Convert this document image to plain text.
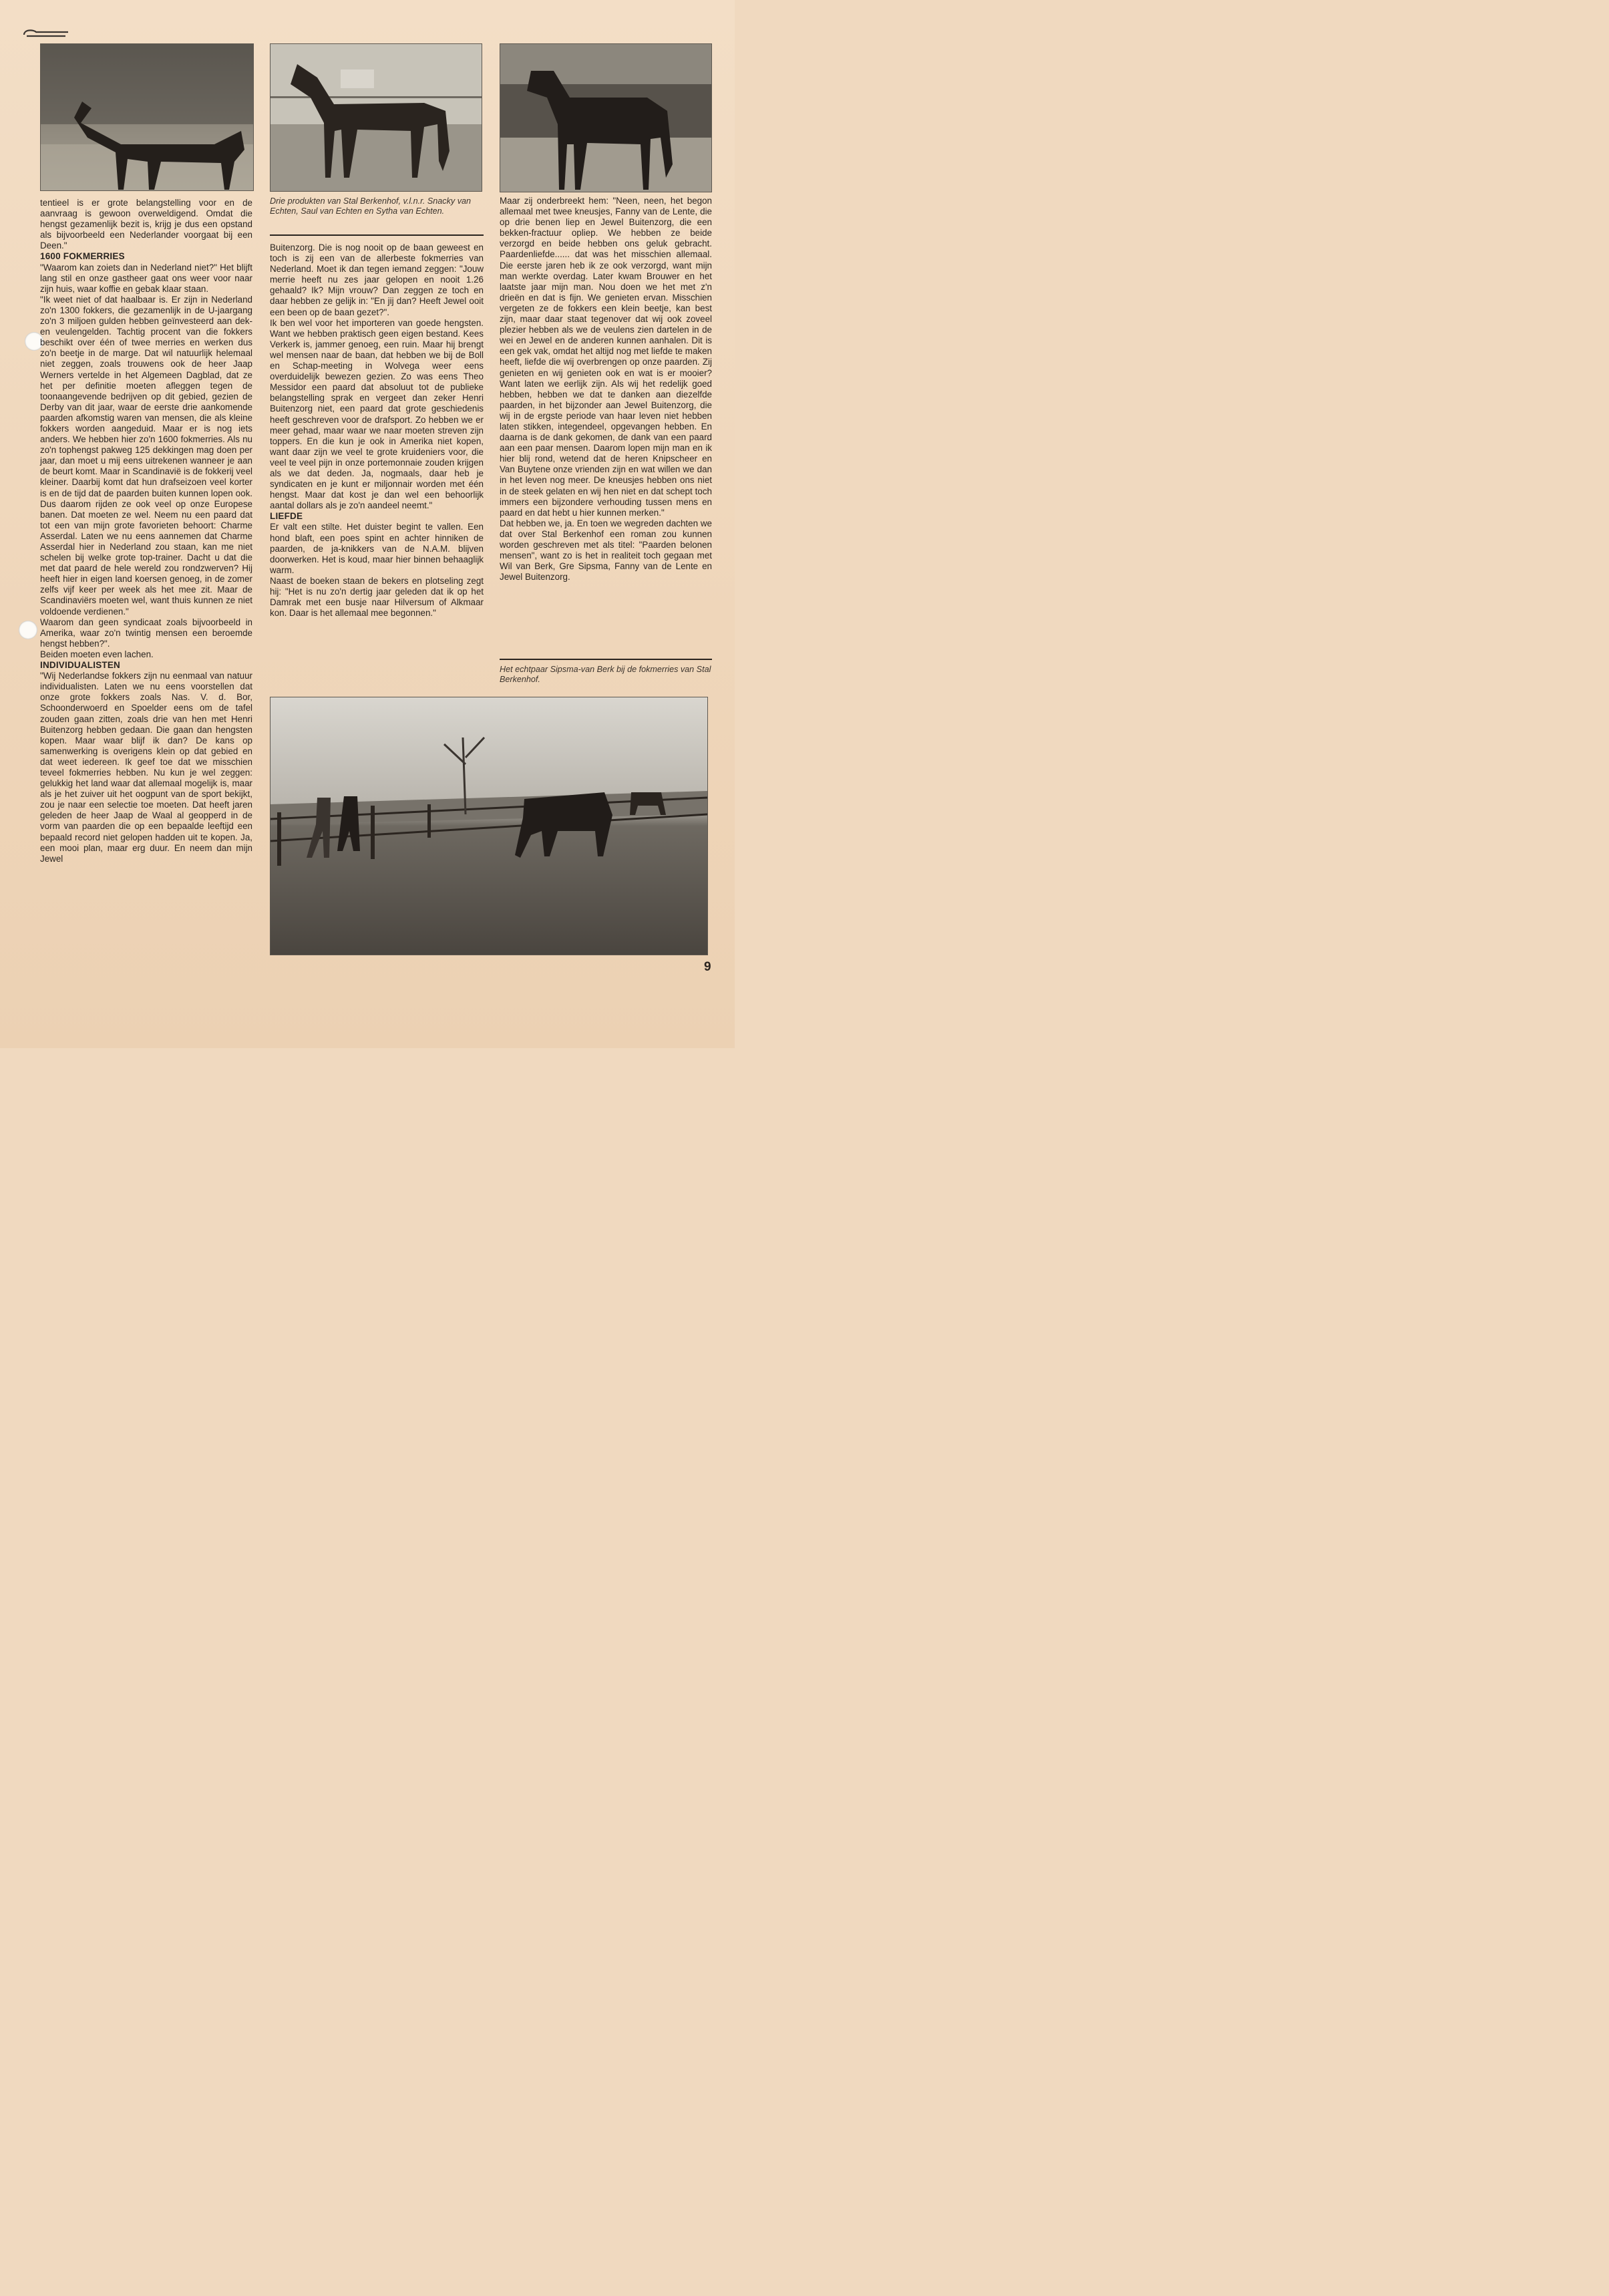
Drie produkten van Stal Berkenhof, v.l.n.r. Snacky van Echten, Saul van Echten en Sytha van Echten.

tentieel is er grote belangstelling voor en de aanvraag is gewoon overweldigend. Omdat die hengst gezamenlijk bezit is, krijg je dus een opstand als bijvoorbeeld een Nederlander voorgaat bij een Deen."

1600 FOKMERRIES

"Waarom kan zoiets dan in Nederland niet?" Het blijft lang stil en onze gastheer gaat ons weer voor naar zijn huis, waar koffie en gebak klaar staan.

"Ik weet niet of dat haalbaar is. Er zijn in Nederland zo'n 1300 fokkers, die gezamenlijk in de U-jaargang zo'n 3 miljoen gulden hebben geïnvesteerd aan dek- en veulengelden. Tachtig procent van die fokkers beschikt over één of twee merries en werken dus zo'n beetje in de marge. Dat wil natuurlijk helemaal niet zeggen, zoals trouwens ook de heer Jaap Werners vertelde in het Algemeen Dagblad, dat ze het per definitie moeten afleggen tegen de toonaangevende bedrijven op dit gebied, gezien de Derby van dit jaar, waar de eerste drie aankomende paarden afkomstig waren van mensen, die als kleine fokkers worden aangeduid. Maar er is nog iets anders. We hebben hier zo'n 1600 fokmerries. Als nu zo'n tophengst pakweg 125 dekkingen mag doen per jaar, dan moet u mij eens uitrekenen wanneer je aan de beurt komt. Maar in Scandinavië is de fokkerij veel kleiner. Daarbij komt dat hun drafseizoen veel korter is en de tijd dat de paarden buiten kunnen lopen ook. Dus daarom rijden ze ook veel op onze Europese banen. Dat moeten ze wel. Neem nu een paard dat tot een van mijn grote favorieten behoort: Charme Asserdal. Laten we nu eens aannemen dat Charme Asserdal hier in Nederland zou staan, kan me niet schelen bij welke grote top-trainer. Dacht u dat die met dat paard de hele wereld zou rondzwerven? Hij heeft hier in eigen land koersen genoeg, in de zomer zelfs vijf keer per week als het mee zit. Maar de Scandinaviërs moeten wel, want thuis kunnen ze niet voldoende verdienen."

Waarom dan geen syndicaat zoals bijvoorbeeld in Amerika, waar zo'n twintig mensen een beroemde hengst hebben?".

Beiden moeten even lachen.

INDIVIDUALISTEN

"Wij Nederlandse fokkers zijn nu eenmaal van natuur individualisten. Laten we nu eens voorstellen dat onze grote fokkers zoals Nas. V. d. Bor, Schoonderwoerd en Spoelder eens om de tafel zouden gaan zitten, zoals drie van hen met Henri Buitenzorg hebben gedaan. Die gaan dan hengsten kopen. Maar waar blijf ik dan? De kans op samenwerking is overigens klein op dat gebied en dat weet iedereen. Ik geef toe dat we misschien teveel fokmerries hebben. Nu kun je wel zeggen: gelukkig het land waar dat allemaal mogelijk is, maar als je het zuiver uit het oogpunt van de sport bekijkt, zou je naar een selectie toe moeten. Dat heeft jaren geleden de heer Jaap de Waal al geopperd in de vorm van paarden die op een bepaalde leeftijd een bepaald record niet gelopen hadden uit te kopen. Ja, een mooi plan, maar erg duur. En neem dan mijn Jewel

Buitenzorg. Die is nog nooit op de baan geweest en toch is zij een van de allerbeste fokmerries van Nederland. Moet ik dan tegen iemand zeggen: "Jouw merrie heeft nu zes jaar gelopen en nooit 1.26 gehaald? Ik? Mijn vrouw? Dan zeggen ze toch en daar hebben ze gelijk in: "En jij dan? Heeft Jewel ooit een been op de baan gezet?".

Ik ben wel voor het importeren van goede hengsten. Want we hebben praktisch geen eigen bestand. Kees Verkerk is, jammer genoeg, een ruin. Maar hij brengt wel mensen naar de baan, dat hebben we bij de Boll en Schap-meeting in Wolvega weer eens overduidelijk bewezen gezien. Zo was eens Theo Messidor een paard dat absoluut tot de publieke belangstelling sprak en vergeet dan zeker Henri Buitenzorg niet, een paard dat grote geschiedenis heeft geschreven voor de drafsport. Zo hebben we er meer gehad, maar waar we naar moeten streven zijn toppers. En die kun je ook in Amerika niet kopen, want daar zijn we veel te grote kruideniers voor, die veel te veel pijn in onze portemonnaie zouden krijgen als we dat deden. Ja, nogmaals, daar heb je syndicaten en je kunt er miljonnair worden met één hengst. Maar dat kost je dan wel een behoorlijk aantal dollars als je zo'n aandeel neemt."

LIEFDE

Er valt een stilte. Het duister begint te vallen. Een hond blaft, een poes spint en achter hinniken de paarden, de ja-knikkers van de N.A.M. blijven doorwerken. Het is koud, maar hier binnen behaaglijk warm.

Naast de boeken staan de bekers en plotseling zegt hij: "Het is nu zo'n dertig jaar geleden dat ik op het Damrak met een busje naar Hilversum of Alkmaar kon. Daar is het allemaal mee begonnen."

Maar zij onderbreekt hem: "Neen, neen, het begon allemaal met twee kneusjes, Fanny van de Lente, die op drie benen liep en Jewel Buitenzorg, die een bekken-fractuur opliep. We hebben ze beide verzorgd en beide hebben ons geluk gebracht. Paardenliefde...... dat was het misschien allemaal. Die eerste jaren heb ik ze ook verzorgd, want mijn man werkte overdag. Later kwam Brouwer en het laatste jaar mijn man. Nou doen we het met z'n drieën en dat is fijn. We genieten ervan. Misschien vergeten ze de fokkers een klein beetje, kan best zijn, maar daar staat tegenover dat wij ook zoveel plezier hebben als we de veulens zien dartelen in de wei en Jewel en de anderen kunnen aanhalen. Dit is een gek vak, omdat het altijd nog met liefde te maken heeft, liefde die wij overbrengen op onze paarden. Zij genieten en wij genieten ook en wat is er mooier? Want laten we eerlijk zijn. Als wij het redelijk goed hebben, hebben we dat te danken aan diezelfde paarden, in het bijzonder aan Jewel Buitenzorg, die wij in de ergste periode van haar leven niet hebben laten stikken, integendeel, opgevangen hebben. En daarna is de dank gekomen, de dank van een paard aan een paar mensen. Daarom lopen mijn man en ik hier blij rond, wetend dat de heren Knipscheer en Van Buytene onze vrienden zijn en wat willen we dan in het leven nog meer. De kneusjes hebben ons niet in de steek gelaten en wij hen niet en dat schept toch immers een bijzondere verhouding tussen mens en paard en dat hebt u hier kunnen merken."

Dat hebben we, ja. En toen we wegreden dachten we dat over Stal Berkenhof een roman zou kunnen worden geschreven met als titel: "Paarden belonen mensen", want zo is het in realiteit toch gegaan met Wil van Berk, Gre Sipsma, Fanny van de Lente en Jewel Buitenzorg.

Het echtpaar Sipsma-van Berk bij de fokmerries van Stal Berkenhof.
9
